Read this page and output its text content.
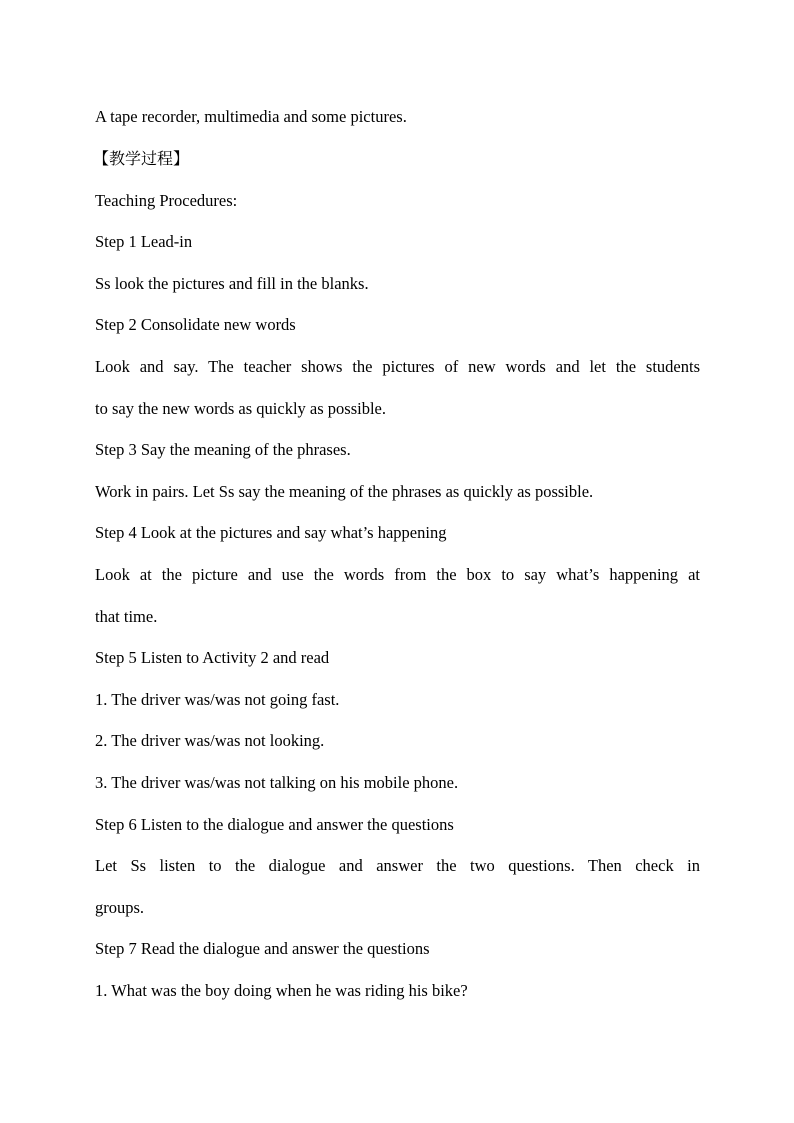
A tape recorder, multimedia and some pictures.
【教学过程】
Teaching Procedures:
Step 1 Lead-in
Ss look the pictures and fill in the blanks.
Step 2 Consolidate new words
Look and say. The teacher shows the pictures of new words and let the students
to say the new words as quickly as possible.
Step 3 Say the meaning of the phrases.
Work in pairs. Let Ss say the meaning of the phrases as quickly as possible.
Step 4 Look at the pictures and say what’s happening
Look at the picture and use the words from the box to say what’s happening at
that time.
Step 5 Listen to Activity 2 and read
1. The driver was/was not going fast.
2. The driver was/was not looking.
3. The driver was/was not talking on his mobile phone.
Step 6 Listen to the dialogue and answer the questions
Let Ss listen to the dialogue and answer the two questions. Then check in
groups.
Step 7 Read the dialogue and answer the questions
1. What was the boy doing when he was riding his bike?
